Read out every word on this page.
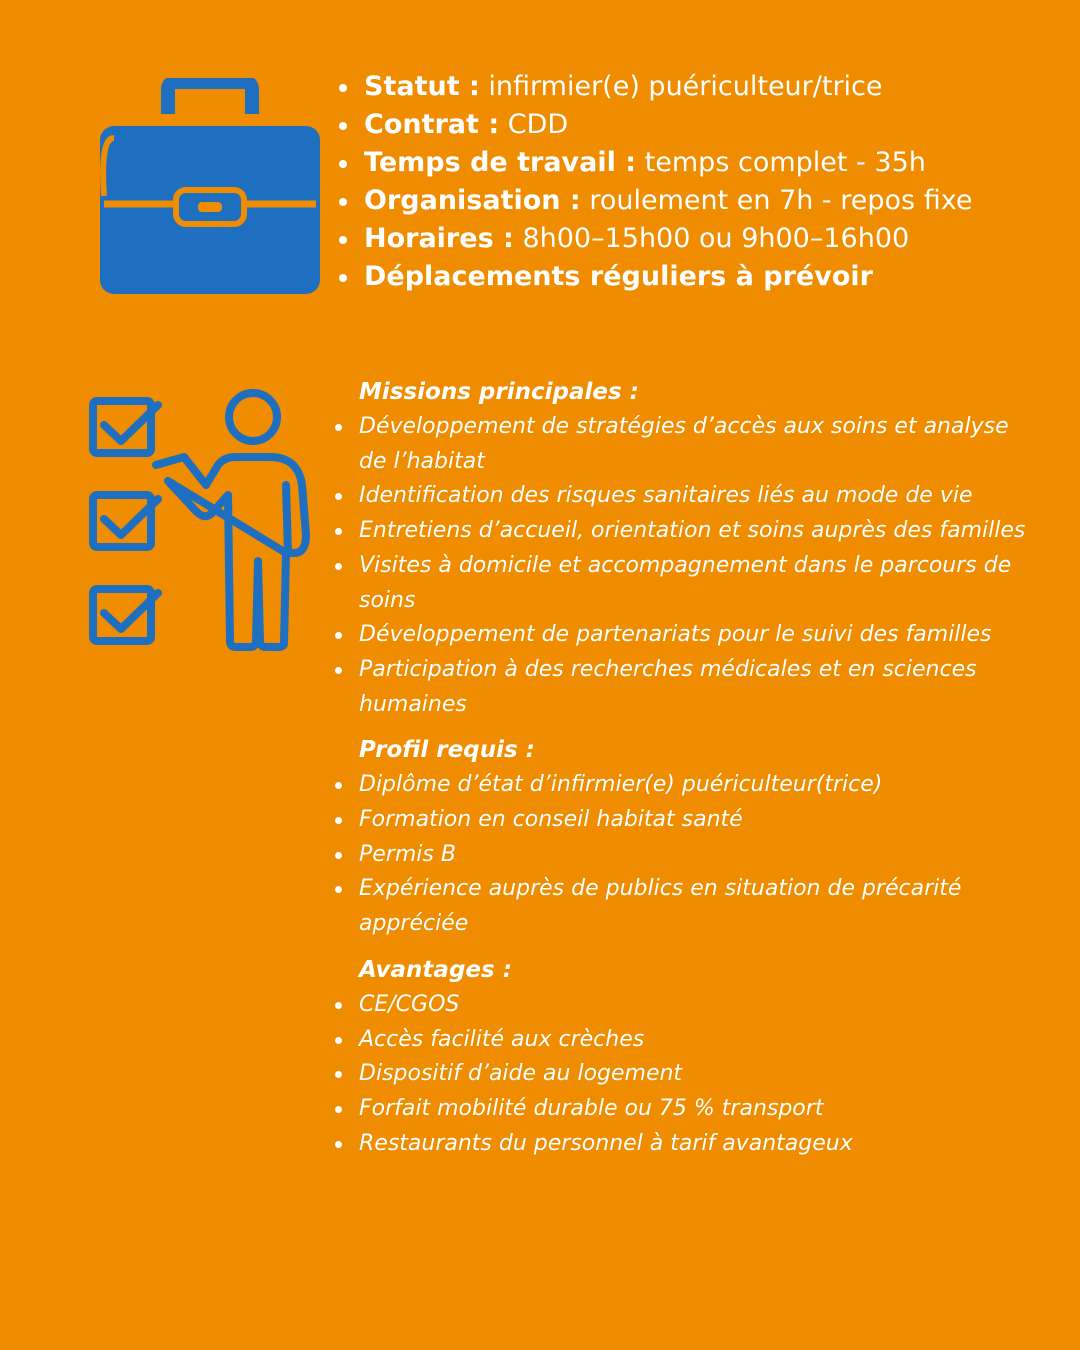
Statut : infirmier(e) puériculteur/trice
Contrat : CDD
Temps de travail : temps complet - 35h
Organisation : roulement en 7h - repos fixe
Horaires : 8h00–15h00 ou 9h00–16h00
Déplacements réguliers à prévoir
Missions principales :
Développement de stratégies d’accès aux soins et analyse de l’habitat
Identification des risques sanitaires liés au mode de vie
Entretiens d’accueil, orientation et soins auprès des familles
Visites à domicile et accompagnement dans le parcours de soins
Développement de partenariats pour le suivi des familles
Participation à des recherches médicales et en sciences humaines
Profil requis :
Diplôme d’état d’infirmier(e) puériculteur(trice)
Formation en conseil habitat santé
Permis B
Expérience auprès de publics en situation de précarité appréciée
Avantages :
CE/CGOS
Accès facilité aux crèches
Dispositif d’aide au logement
Forfait mobilité durable ou 75 % transport
Restaurants du personnel à tarif avantageux
